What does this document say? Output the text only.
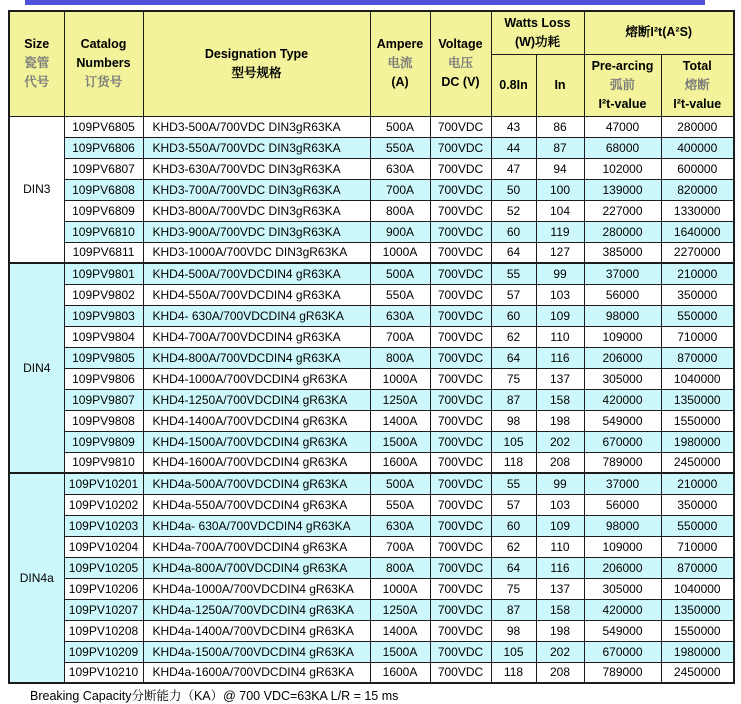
Size
瓷管
代号

Catalog
Numbers
订货号

Designation Type
型号规格

Ampere
电流
(A)

Voltage
电压
DC (V)

Watts Loss
(W)功耗

熔断I²t(A²S)

0.8In	In	
Pre-arcing
弧前
I²t-value

Total
熔断
I²t-value

DIN3	109PV6805	KHD3-500A/700VDC DIN3gR63KA	500A	700VDC	43	86	47000	280000
	109PV6806	KHD3-550A/700VDC DIN3gR63KA	550A	700VDC	44	87	68000	400000
	109PV6807	KHD3-630A/700VDC DIN3gR63KA	630A	700VDC	47	94	102000	600000
	109PV6808	KHD3-700A/700VDC DIN3gR63KA	700A	700VDC	50	100	139000	820000
	109PV6809	KHD3-800A/700VDC DIN3gR63KA	800A	700VDC	52	104	227000	1330000
	109PV6810	KHD3-900A/700VDC DIN3gR63KA	900A	700VDC	60	119	280000	1640000
	109PV6811	KHD3-1000A/700VDC DIN3gR63KA	1000A	700VDC	64	127	385000	2270000
DIN4	109PV9801	KHD4-500A/700VDCDIN4 gR63KA	500A	700VDC	55	99	37000	210000
	109PV9802	KHD4-550A/700VDCDIN4 gR63KA	550A	700VDC	57	103	56000	350000
	109PV9803	KHD4- 630A/700VDCDIN4 gR63KA	630A	700VDC	60	109	98000	550000
	109PV9804	KHD4-700A/700VDCDIN4 gR63KA	700A	700VDC	62	110	109000	710000
	109PV9805	KHD4-800A/700VDCDIN4 gR63KA	800A	700VDC	64	116	206000	870000
	109PV9806	KHD4-1000A/700VDCDIN4 gR63KA	1000A	700VDC	75	137	305000	1040000
	109PV9807	KHD4-1250A/700VDCDIN4 gR63KA	1250A	700VDC	87	158	420000	1350000
	109PV9808	KHD4-1400A/700VDCDIN4 gR63KA	1400A	700VDC	98	198	549000	1550000
	109PV9809	KHD4-1500A/700VDCDIN4 gR63KA	1500A	700VDC	105	202	670000	1980000
	109PV9810	KHD4-1600A/700VDCDIN4 gR63KA	1600A	700VDC	118	208	789000	2450000
DIN4a	109PV10201	KHD4a-500A/700VDCDIN4 gR63KA	500A	700VDC	55	99	37000	210000
	109PV10202	KHD4a-550A/700VDCDIN4 gR63KA	550A	700VDC	57	103	56000	350000
	109PV10203	KHD4a- 630A/700VDCDIN4 gR63KA	630A	700VDC	60	109	98000	550000
	109PV10204	KHD4a-700A/700VDCDIN4 gR63KA	700A	700VDC	62	110	109000	710000
	109PV10205	KHD4a-800A/700VDCDIN4 gR63KA	800A	700VDC	64	116	206000	870000
	109PV10206	KHD4a-1000A/700VDCDIN4 gR63KA	1000A	700VDC	75	137	305000	1040000
	109PV10207	KHD4a-1250A/700VDCDIN4 gR63KA	1250A	700VDC	87	158	420000	1350000
	109PV10208	KHD4a-1400A/700VDCDIN4 gR63KA	1400A	700VDC	98	198	549000	1550000
	109PV10209	KHD4a-1500A/700VDCDIN4 gR63KA	1500A	700VDC	105	202	670000	1980000
	109PV10210	KHD4a-1600A/700VDCDIN4 gR63KA	1600A	700VDC	118	208	789000	2450000
Breaking Capacity分断能力（KA）@ 700 VDC=63KA L/R = 15 ms
